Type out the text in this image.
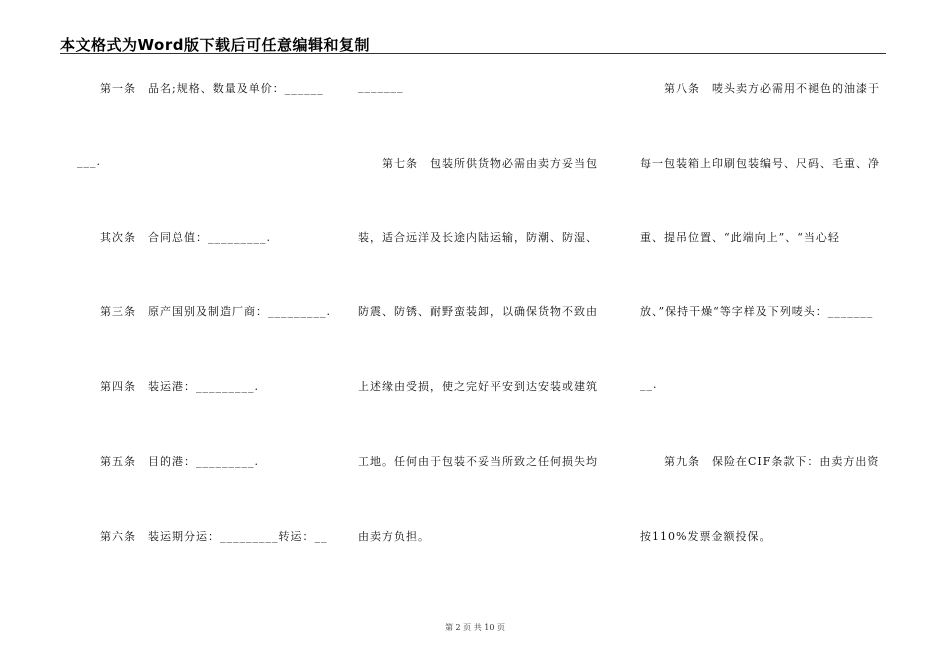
本文格式为Word版下载后可任意编辑和复制
第一条　品名;规格、数量及单价：______
___.
其次条　合同总值：_________.
第三条　原产国别及制造厂商：_________.
第四条　装运港：_________.
第五条　目的港：_________.
第六条　装运期分运：_________转运：__
_______
第七条　包装所供货物必需由卖方妥当包
装，适合远洋及长途内陆运输，防潮、防湿、
防震、防锈、耐野蛮装卸，以确保货物不致由
上述缘由受损，使之完好平安到达安装或建筑
工地。任何由于包装不妥当所致之任何损失均
由卖方负担。
第八条　唛头卖方必需用不褪色的油漆于
每一包装箱上印刷包装编号、尺码、毛重、净
重、提吊位置、“此端向上”、“当心轻
放、”保持干燥“等字样及下列唛头：_______
__.
第九条　保险在CIF条款下：由卖方出资
按110%发票金额投保。
第 2 页 共 10 页
